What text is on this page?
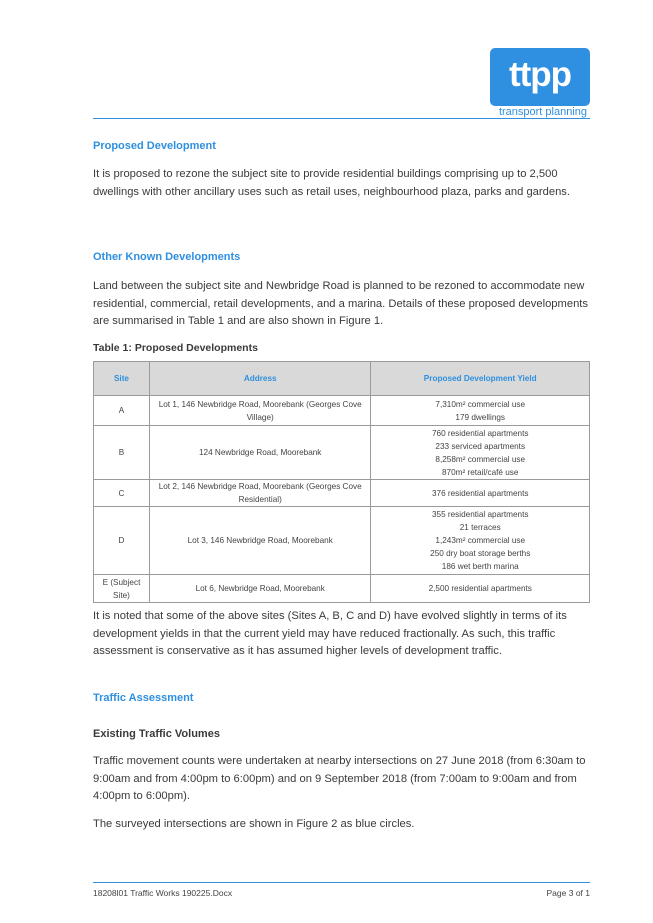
ttpp
transport planning
Proposed Development
It is proposed to rezone the subject site to provide residential buildings comprising up to 2,500 dwellings with other ancillary uses such as retail uses, neighbourhood plaza, parks and gardens.
Other Known Developments
Land between the subject site and Newbridge Road is planned to be rezoned to accommodate new residential, commercial, retail developments, and a marina. Details of these proposed developments are summarised in Table 1 and are also shown in Figure 1.
Table 1: Proposed Developments
Site	Address	Proposed Development Yield
A	Lot 1, 146 Newbridge Road, Moorebank (Georges Cove Village)	7,310m² commercial use
179 dwellings

B	124 Newbridge Road, Moorebank	760 residential apartments
233 serviced apartments
8,258m² commercial use
870m² retail/café use

C	Lot 2, 146 Newbridge Road, Moorebank (Georges Cove Residential)	376 residential apartments

D	Lot 3, 146 Newbridge Road, Moorebank	355 residential apartments
21 terraces
1,243m² commercial use
250 dry boat storage berths
186 wet berth marina

E (Subject Site)	Lot 6, Newbridge Road, Moorebank	2,500 residential apartments
It is noted that some of the above sites (Sites A, B, C and D) have evolved slightly in terms of its development yields in that the current yield may have reduced fractionally. As such, this traffic assessment is conservative as it has assumed higher levels of development traffic.
Traffic Assessment
Existing Traffic Volumes
Traffic movement counts were undertaken at nearby intersections on 27 June 2018 (from 6:30am to 9:00am and from 4:00pm to 6:00pm) and on 9 September 2018 (from 7:00am to 9:00am and from 4:00pm to 6:00pm).
The surveyed intersections are shown in Figure 2 as blue circles.
18208l01 Traffic Works 190225.Docx	Page 3 of 1
